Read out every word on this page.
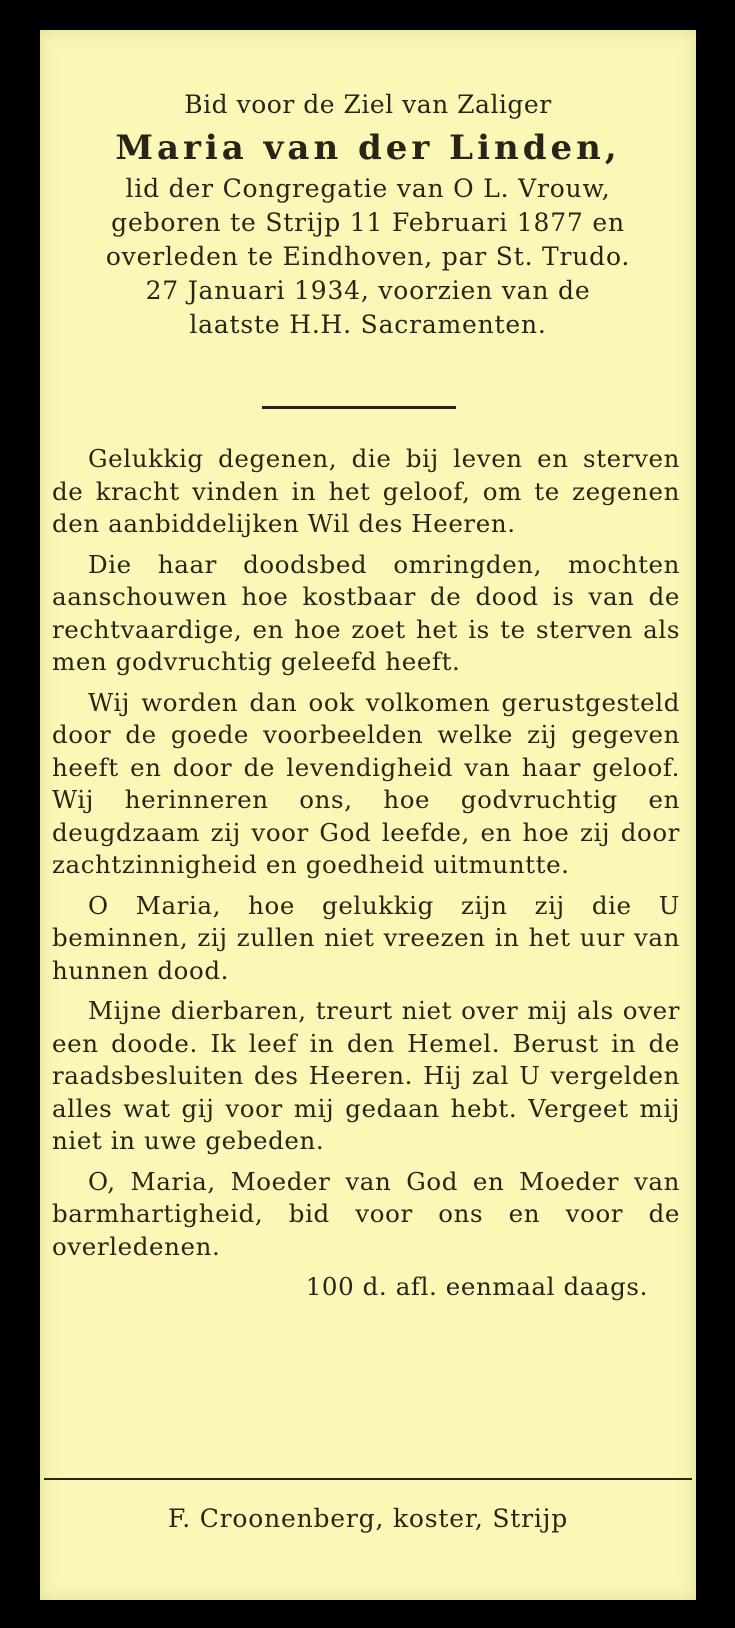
Bid voor de Ziel van Zaliger
Maria van der Linden,
lid der Congregatie van O L. Vrouw,
geboren te Strijp 11 Februari 1877 en
overleden te Eindhoven, par St. Trudo.
27 Januari 1934, voorzien van de
laatste H.H. Sacramenten.

Gelukkig degenen, die bij leven en sterven de kracht vinden in het geloof, om te zegenen den aanbiddelijken Wil des Heeren.

Die haar doodsbed omringden, mochten aanschouwen hoe kostbaar de dood is van de rechtvaardige, en hoe zoet het is te sterven als men godvruchtig geleefd heeft.

Wij worden dan ook volkomen gerustgesteld door de goede voorbeelden welke zij gegeven heeft en door de levendigheid van haar geloof. Wij herinneren ons, hoe godvruchtig en deugdzaam zij voor God leefde, en hoe zij door zachtzinnigheid en goedheid uitmuntte.

O Maria, hoe gelukkig zijn zij die U beminnen, zij zullen niet vreezen in het uur van hunnen dood.

Mijne dierbaren, treurt niet over mij als over een doode. Ik leef in den Hemel. Berust in de raadsbesluiten des Heeren. Hij zal U vergelden alles wat gij voor mij gedaan hebt. Vergeet mij niet in uwe gebeden.

O, Maria, Moeder van God en Moeder van barmhartigheid, bid voor ons en voor de overledenen.

100 d. afl. eenmaal daags.
F. Croonenberg, koster, Strijp
